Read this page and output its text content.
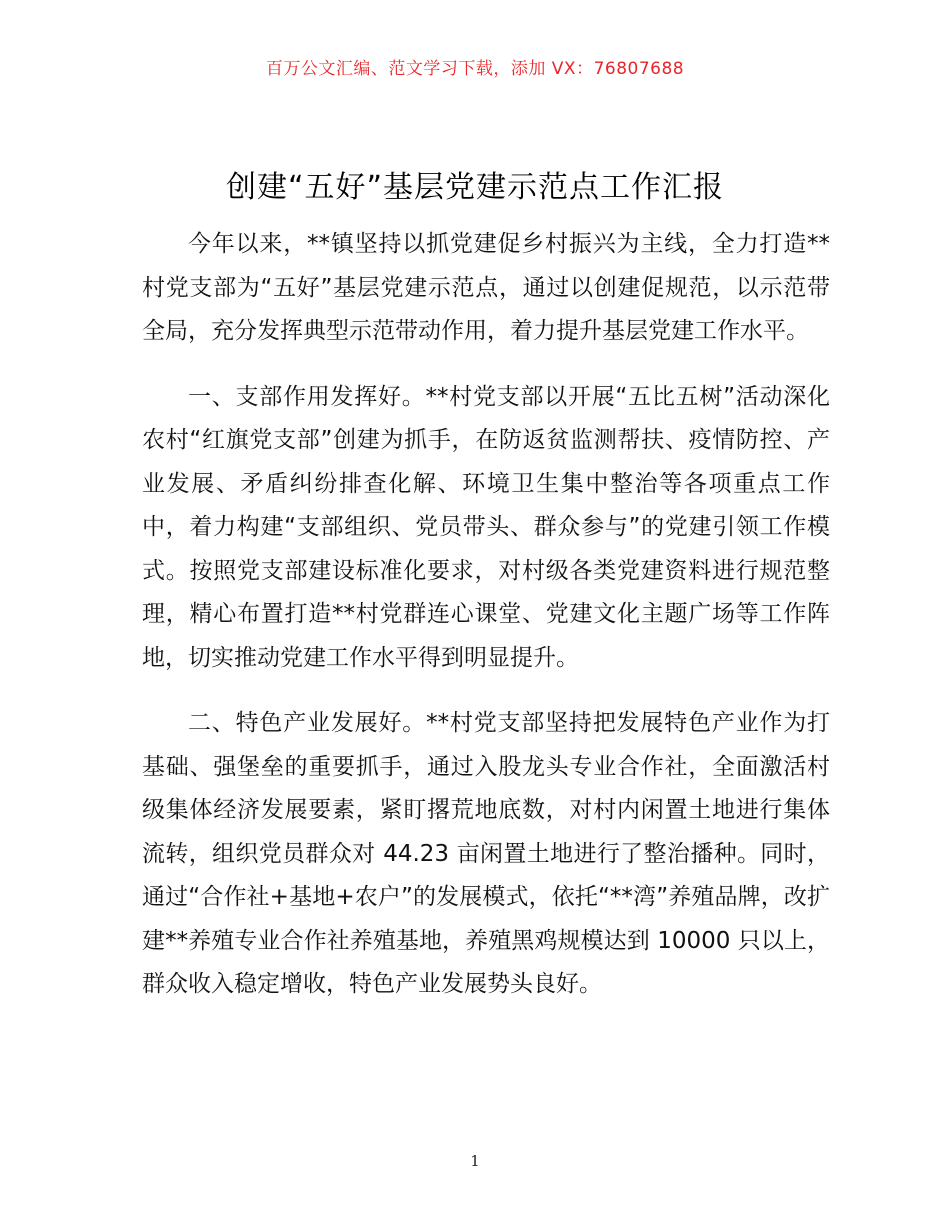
百万公文汇编、范文学习下载，添加 VX：76807688
创建“五好”基层党建示范点工作汇报

今年以来，**镇坚持以抓党建促乡村振兴为主线，全力打造**村党支部为“五好”基层党建示范点，通过以创建促规范，以示范带全局，充分发挥典型示范带动作用，着力提升基层党建工作水平。

一、支部作用发挥好。**村党支部以开展“五比五树”活动深化农村“红旗党支部”创建为抓手，在防返贫监测帮扶、疫情防控、产业发展、矛盾纠纷排查化解、环境卫生集中整治等各项重点工作中，着力构建“支部组织、党员带头、群众参与”的党建引领工作模式。按照党支部建设标准化要求，对村级各类党建资料进行规范整理，精心布置打造**村党群连心课堂、党建文化主题广场等工作阵地，切实推动党建工作水平得到明显提升。

二、特色产业发展好。**村党支部坚持把发展特色产业作为打基础、强堡垒的重要抓手，通过入股龙头专业合作社，全面激活村级集体经济发展要素，紧盯撂荒地底数，对村内闲置土地进行集体流转，组织党员群众对 44.23 亩闲置土地进行了整治播种。同时，通过“合作社+基地+农户”的发展模式，依托“**湾”养殖品牌，改扩建**养殖专业合作社养殖基地，养殖黑鸡规模达到 10000 只以上，群众收入稳定增收，特色产业发展势头良好。

1
